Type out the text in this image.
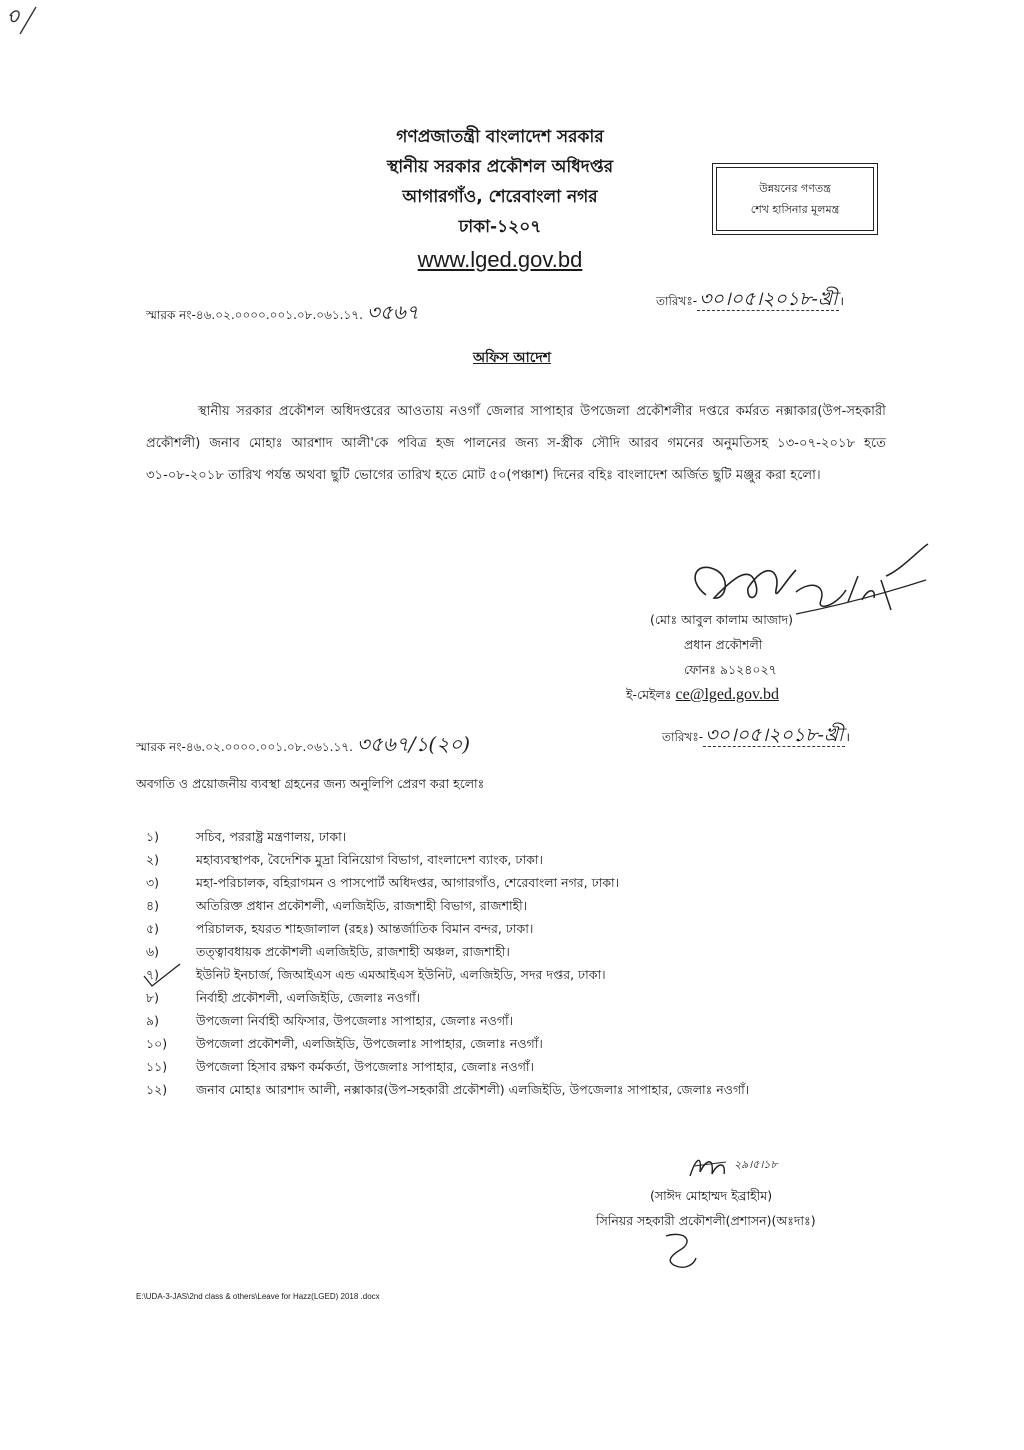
গণপ্রজাতন্ত্রী বাংলাদেশ সরকার
স্থানীয় সরকার প্রকৌশল অধিদপ্তর
আগারগাঁও, শেরেবাংলা নগর
ঢাকা-১২০৭
www.lged.gov.bd
উন্নয়নের গণতন্ত্র
শেখ হাসিনার মূলমন্ত্র
স্মারক নং-৪৬.০২.০০০০.০০১.০৮.০৬১.১৭. ৩৫৬৭	তারিখঃ- ৩০।০৫।২০১৮-খ্রী ।
অফিস আদেশ
স্থানীয় সরকার প্রকৌশল অধিদপ্তরের আওতায় নওগাঁ জেলার সাপাহার উপজেলা প্রকৌশলীর দপ্তরে কর্মরত নক্সাকার(উপ-সহকারী প্রকৌশলী) জনাব মোহাঃ আরশাদ আলী'কে পবিত্র হজ পালনের জন্য স-স্ত্রীক সৌদি আরব গমনের অনুমতিসহ ১৩-০৭-২০১৮ হতে ৩১-০৮-২০১৮ তারিখ পর্যন্ত অথবা ছুটি ভোগের তারিখ হতে মোট ৫০(পঞ্চাশ) দিনের বহিঃ বাংলাদেশ অর্জিত ছুটি মঞ্জুর করা হলো।
(মোঃ আবুল কালাম আজাদ)
প্রধান প্রকৌশলী
ফোনঃ ৯১২৪০২৭
ই-মেইলঃ ce@lged.gov.bd
স্মারক নং-৪৬.০২.০০০০.০০১.০৮.০৬১.১৭. ৩৫৬৭/১(২০)	তারিখঃ- ৩০।০৫।২০১৮-খ্রী ।
অবগতি ও প্রয়োজনীয় ব্যবস্থা গ্রহনের জন্য অনুলিপি প্রেরণ করা হলোঃ
১)	সচিব, পররাষ্ট্র মন্ত্রণালয়, ঢাকা।
২)	মহাব্যবস্থাপক, বৈদেশিক মুদ্রা বিনিয়োগ বিভাগ, বাংলাদেশ ব্যাংক, ঢাকা।
৩)	মহা-পরিচালক, বহিরাগমন ও পাসপোর্ট অধিদপ্তর, আগারগাঁও, শেরেবাংলা নগর, ঢাকা।
৪)	অতিরিক্ত প্রধান প্রকৌশলী, এলজিইডি, রাজশাহী বিভাগ, রাজশাহী।
৫)	পরিচালক, হযরত শাহজালাল (রহঃ) আন্তর্জাতিক বিমান বন্দর, ঢাকা।
৬)	তত্ত্বাবধায়ক প্রকৌশলী এলজিইডি, রাজশাহী অঞ্চল, রাজশাহী।
৭)	ইউনিট ইনচার্জ, জিআইএস এন্ড এমআইএস ইউনিট, এলজিইডি, সদর দপ্তর, ঢাকা।
৮)	নির্বাহী প্রকৌশলী, এলজিইডি, জেলাঃ নওগাঁ।
৯)	উপজেলা নির্বাহী অফিসার, উপজেলাঃ সাপাহার, জেলাঃ নওগাঁ।
১০)	উপজেলা প্রকৌশলী, এলজিইডি, উপজেলাঃ সাপাহার, জেলাঃ নওগাঁ।
১১)	উপজেলা হিসাব রক্ষণ কর্মকর্তা, উপজেলাঃ সাপাহার, জেলাঃ নওগাঁ।
১২)	জনাব মোহাঃ আরশাদ আলী, নক্সাকার(উপ-সহকারী প্রকৌশলী) এলজিইডি, উপজেলাঃ সাপাহার, জেলাঃ নওগাঁ।
২৯।৫।১৮
(সাঈদ মোহাম্মদ ইব্রাহীম)
সিনিয়র সহকারী প্রকৌশলী(প্রশাসন)(অঃদাঃ)
E:\UDA-3-JAS\2nd class & others\Leave for Hazz(LGED) 2018 .docx
